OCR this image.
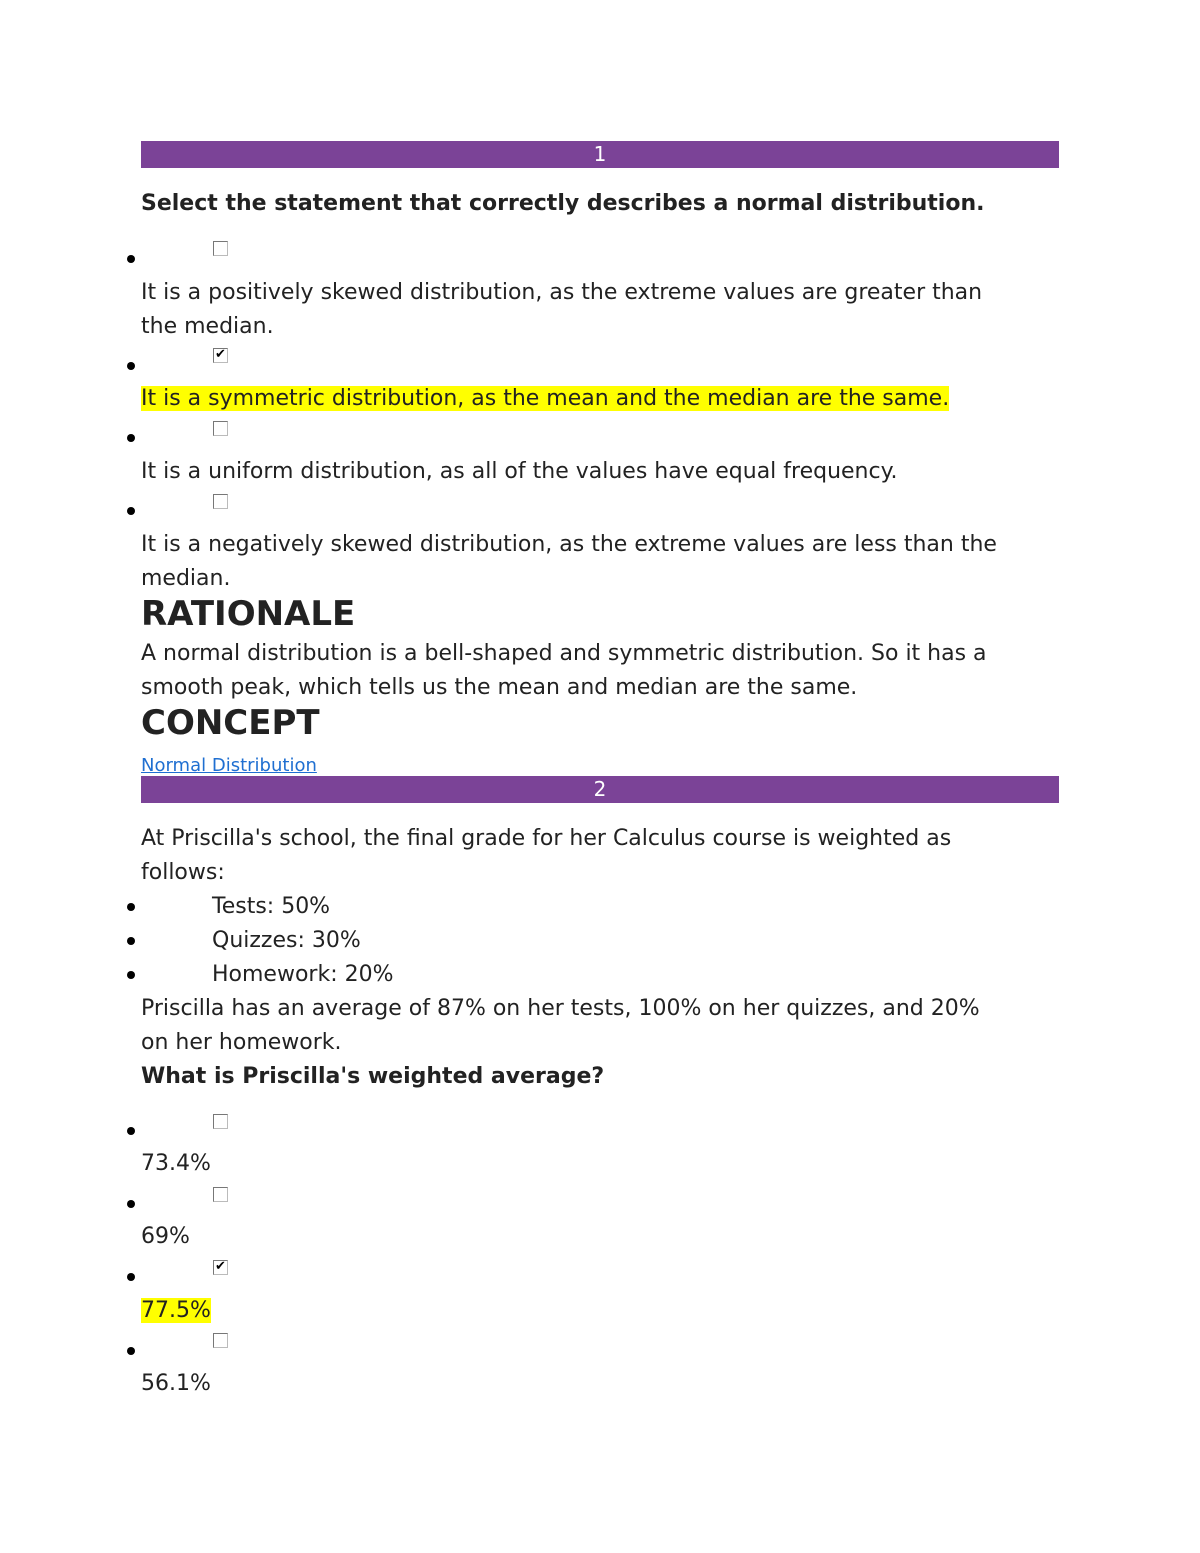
1
Select the statement that correctly describes a normal distribution.
It is a positively skewed distribution, as the extreme values are greater than
the median.
✔
It is a symmetric distribution, as the mean and the median are the same.
It is a uniform distribution, as all of the values have equal frequency.
It is a negatively skewed distribution, as the extreme values are less than the
median.
RATIONALE
A normal distribution is a bell-shaped and symmetric distribution. So it has a
smooth peak, which tells us the mean and median are the same.
CONCEPT
Normal Distribution
2
At Priscilla's school, the final grade for her Calculus course is weighted as
follows:
Tests: 50%
Quizzes: 30%
Homework: 20%
Priscilla has an average of 87% on her tests, 100% on her quizzes, and 20%
on her homework.
What is Priscilla's weighted average?
73.4%
69%
✔
77.5%
56.1%
